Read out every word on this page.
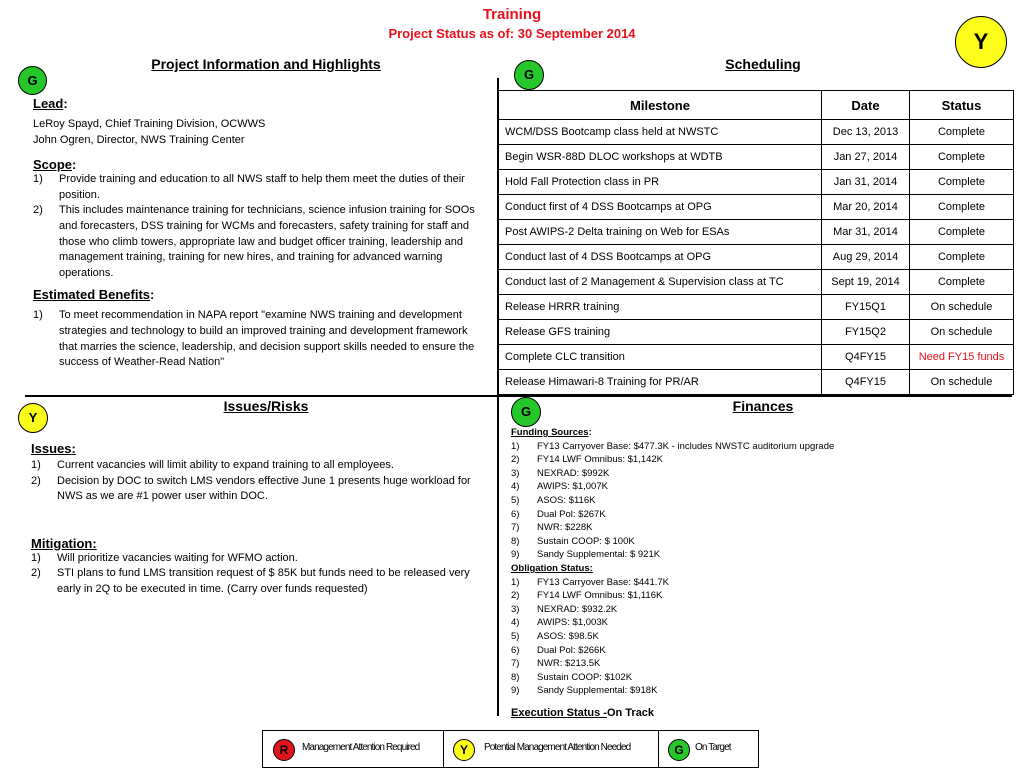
Training
Project Status as of: 30 September 2014	Y
Project Information and Highlights
G
Lead:
LeRoy Spayd, Chief Training Division, OCWWS
John Ogren, Director, NWS Training Center
Scope:
1) Provide training and education to all NWS staff to help them meet the duties of their position.
2) This includes maintenance training for technicians, science infusion training for SOOs and forecasters, DSS training for WCMs and forecasters, safety training for staff and those who climb towers, appropriate law and budget officer training, leadership and management training, training for new hires, and training for advanced warning operations.
Estimated Benefits:
1) To meet recommendation in NAPA report "examine NWS training and development strategies and technology to build an improved training and development framework that marries the science, leadership, and decision support skills needed to ensure the success of Weather-Read Nation"
Scheduling
G
Milestone	Date	Status
WCM/DSS Bootcamp class held at NWSTC	Dec 13, 2013	Complete
Begin WSR-88D DLOC workshops at WDTB	Jan 27, 2014	Complete
Hold Fall Protection class in PR	Jan 31, 2014	Complete
Conduct first of 4 DSS Bootcamps at OPG	Mar 20, 2014	Complete
Post AWIPS-2 Delta training on Web for ESAs	Mar 31, 2014	Complete
Conduct last of 4 DSS Bootcamps at OPG	Aug 29, 2014	Complete
Conduct last of 2 Management & Supervision class at TC	Sept 19, 2014	Complete
Release HRRR training	FY15Q1	On schedule
Release GFS training	FY15Q2	On schedule
Complete CLC transition	Q4FY15	Need FY15 funds
Release Himawari-8 Training for PR/AR	Q4FY15	On schedule
Issues/Risks
Y
Issues:
1) Current vacancies will limit ability to expand training to all employees.
2) Decision by DOC to switch LMS vendors effective June 1 presents huge workload for NWS as we are #1 power user within DOC.
Mitigation:
1) Will prioritize vacancies waiting for WFMO action.
2) STI plans to fund LMS transition request of $ 85K but funds need to be released very early in 2Q to be executed in time. (Carry over funds requested)
Finances
G
Funding Sources:
1) FY13 Carryover Base: $477.3K - includes NWSTC auditorium upgrade
2) FY14 LWF Omnibus: $1,142K
3) NEXRAD: $992K
4) AWIPS: $1,007K
5) ASOS: $116K
6) Dual Pol: $267K
7) NWR: $228K
8) Sustain COOP: $ 100K
9) Sandy Supplemental: $ 921K
Obligation Status:
1) FY13 Carryover Base: $441.7K
2) FY14 LWF Omnibus: $1,116K
3) NEXRAD: $932.2K
4) AWIPS: $1,003K
5) ASOS: $98.5K
6) Dual Pol: $266K
7) NWR: $213.5K
8) Sustain COOP: $102K
9) Sandy Supplemental: $918K
Execution Status -On Track
R	Management Attention Required	Y	Potential Management Attention Needed	G	On Target
